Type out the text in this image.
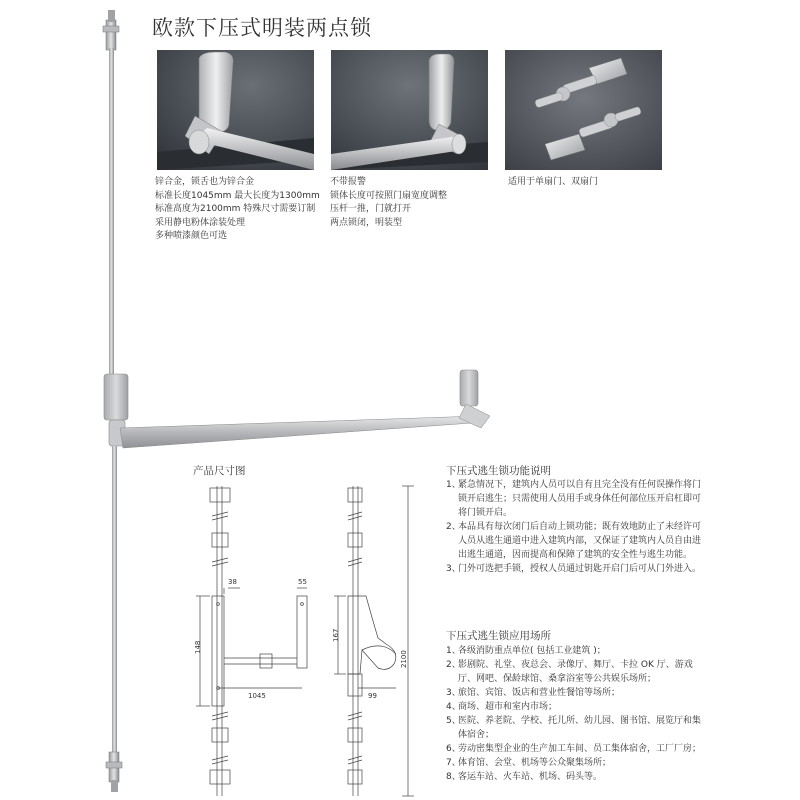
欧款下压式明装两点锁
锌合金，锁舌也为锌合金
标准长度1045mm 最大长度为1300mm
标准高度为2100mm 特殊尺寸需要订制
采用静电粉体涂装处理
多种喷漆颜色可选
不带报警
锁体长度可按照门扇宽度调整
压杆一推，门就打开
两点锁闭，明装型
适用于单扇门、双扇门
产品尺寸图
38	55
148
1045
167
99
2100
下压式逃生锁功能说明
1、紧急情况下，建筑内人员可以自有且完全没有任何误操作将门锁开启逃生；只需使用人员用手或身体任何部位压开启杠即可将门锁开启。
2、本品具有每次闭门后自动上锁功能；既有效地防止了未经许可人员从逃生通道中进入建筑内部，又保证了建筑内人员自由进出逃生通道，因而提高和保障了建筑的安全性与逃生功能。
3、门外可选把手锁，授权人员通过钥匙开启门后可从门外进入。
下压式逃生锁应用场所
1、各级消防重点单位( 包括工业建筑 )；
2、影剧院、礼堂、夜总会、录像厅、舞厅、卡拉 OK 厅、游戏厅、网吧、保龄球馆、桑拿浴室等公共娱乐场所；
3、旅馆、宾馆、饭店和营业性餐馆等场所；
4、商场、超市和室内市场；
5、医院、养老院、学校、托儿所、幼儿园、图书馆、展览厅和集体宿舍；
6、劳动密集型企业的生产加工车间、员工集体宿舍，工厂厂房；
7、体育馆、会堂、机场等公众聚集场所；
8、客运车站、火车站、机场、码头等。
